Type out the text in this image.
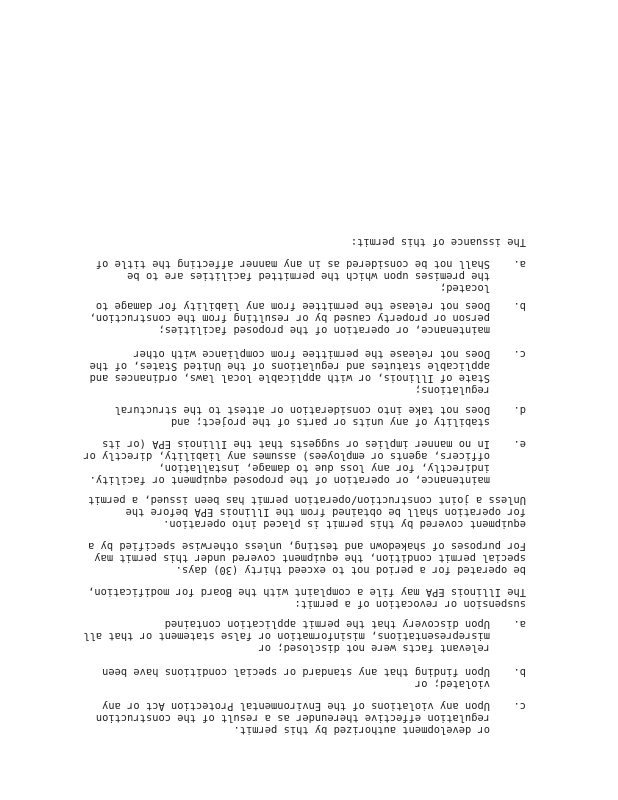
The issuance of this permit:
a.
Shall not be considered as in any manner affecting the title of
the premises upon which the permitted facilities are to be
located;
b.
Does not release the permittee from any liability for damage to
person or property caused by or resulting from the construction,
maintenance, or operation of the proposed facilities;
c.
Does not release the permittee from compliance with other
applicable statutes and regulations of the United States, of the
State of Illinois, or with applicable local laws, ordinances and
regulations;
d.
Does not take into consideration or attest to the structural
stability of any units or parts of the project; and
e.
In no manner implies or suggests that the Illinois EPA (or its
officers, agents or employees) assumes any liability, directly or
indirectly, for any loss due to damage, installation,
maintenance, or operation of the proposed equipment or facility.
Unless a joint construction/operation permit has been issued, a permit
for operation shall be obtained from the Illinois EPA before the
equipment covered by this permit is placed into operation.
For purposes of shakedown and testing, unless otherwise specified by a
special permit condition, the equipment covered under this permit may
be operated for a period not to exceed thirty (30) days.
The Illinois EPA may file a complaint with the Board for modification,
suspension or revocation of a permit:
a.
Upon discovery that the permit application contained
misrepresentations, misinformation or false statement or that all
relevant facts were not disclosed; or
b.
Upon finding that any standard or special conditions have been
violated; or
c.
Upon any violations of the Environmental Protection Act or any
regulation effective thereunder as a result of the construction
or development authorized by this permit.
